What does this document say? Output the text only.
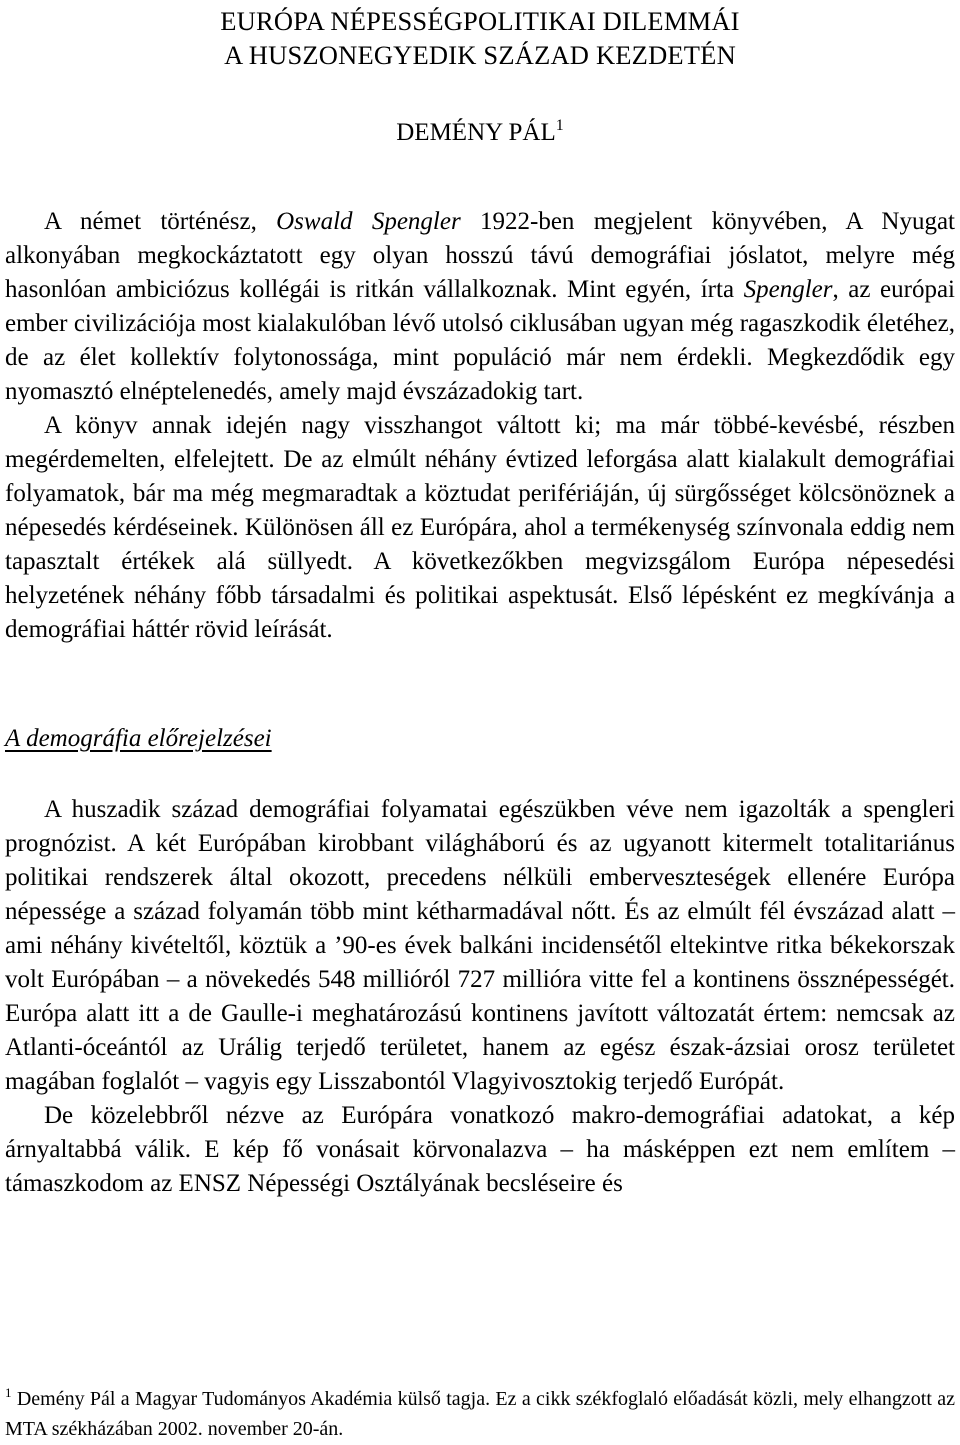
EURÓPA NÉPESSÉGPOLITIKAI DILEMMÁI
A HUSZONEGYEDIK SZÁZAD KEZDETÉN
DEMÉNY PÁL$^1$

A német történész, Oswald Spengler 1922-ben megjelent könyvében, A Nyugat alkonyában megkockáztatott egy olyan hosszú távú demográfiai jóslatot, melyre még hasonlóan ambiciózus kollégái is ritkán vállalkoznak. Mint egyén, írta Spengler, az európai ember civilizációja most kialakulóban lévő utolsó ciklusában ugyan még ragaszkodik életéhez, de az élet kollektív folytonossága, mint populáció már nem érdekli. Megkezdődik egy nyomasztó elnéptelenedés, amely majd évszázadokig tart.

A könyv annak idején nagy visszhangot váltott ki; ma már többé-kevésbé, részben megérdemelten, elfelejtett. De az elmúlt néhány évtized leforgása alatt kialakult demográfiai folyamatok, bár ma még megmaradtak a köztudat perifériáján, új sürgősséget kölcsönöznek a népesedés kérdéseinek. Különösen áll ez Európára, ahol a termékenység színvonala eddig nem tapasztalt értékek alá süllyedt. A következőkben megvizsgálom Európa népesedési helyzetének néhány főbb társadalmi és politikai aspektusát. Első lépésként ez megkívánja a demográfiai háttér rövid leírását.

A demográfia előrejelzései

A huszadik század demográfiai folyamatai egészükben véve nem igazolták a spengleri prognózist. A két Európában kirobbant világháború és az ugyanott kitermelt totalitariánus politikai rendszerek által okozott, precedens nélküli emberveszteségek ellenére Európa népessége a század folyamán több mint kétharmadával nőtt. És az elmúlt fél évszázad alatt – ami néhány kivételtől, köztük a ’90-es évek balkáni incidensétől eltekintve ritka békekorszak volt Európában – a növekedés 548 millióról 727 millióra vitte fel a kontinens össznépességét. Európa alatt itt a de Gaulle-i meghatározású kontinens javított változatát értem: nemcsak az Atlanti-óceántól az Urálig terjedő területet, hanem az egész észak-ázsiai orosz területet magában foglalót – vagyis egy Lisszabontól Vlagyivosztokig terjedő Európát.

De közelebbről nézve az Európára vonatkozó makro-demográfiai adatokat, a kép árnyaltabbá válik. E kép fő vonásait körvonalazva – ha másképpen ezt nem említem – támaszkodom az ENSZ Népességi Osztályának becsléseire és

$^1$ Demény Pál a Magyar Tudományos Akadémia külső tagja. Ez a cikk székfoglaló előadását közli, mely elhangzott az MTA székházában 2002. november 20-án.
